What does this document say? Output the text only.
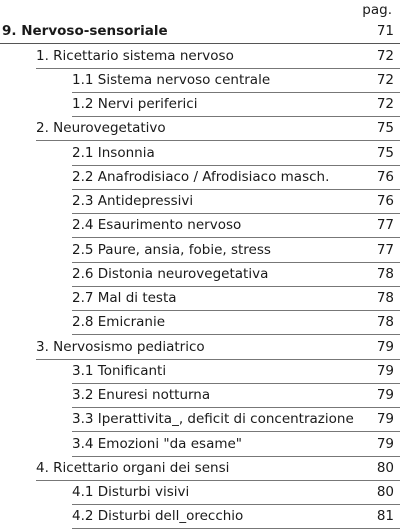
pag.
9. Nervoso-sensoriale	71
1. Ricettario sistema nervoso	72
1.1 Sistema nervoso centrale	72
1.2 Nervi periferici	72
2. Neurovegetativo	75
2.1 Insonnia	75
2.2 Anafrodisiaco / Afrodisiaco masch.	76
2.3 Antidepressivi	76
2.4 Esaurimento nervoso	77
2.5 Paure, ansia, fobie, stress	77
2.6 Distonia neurovegetativa	78
2.7 Mal di testa	78
2.8 Emicranie	78
3. Nervosismo pediatrico	79
3.1 Tonificanti	79
3.2 Enuresi notturna	79
3.3 Iperattivita_, deficit di concentrazione 79
3.4 Emozioni "da esame"	79
4. Ricettario organi dei sensi	80
4.1 Disturbi visivi	80
4.2 Disturbi dell_orecchio	81
